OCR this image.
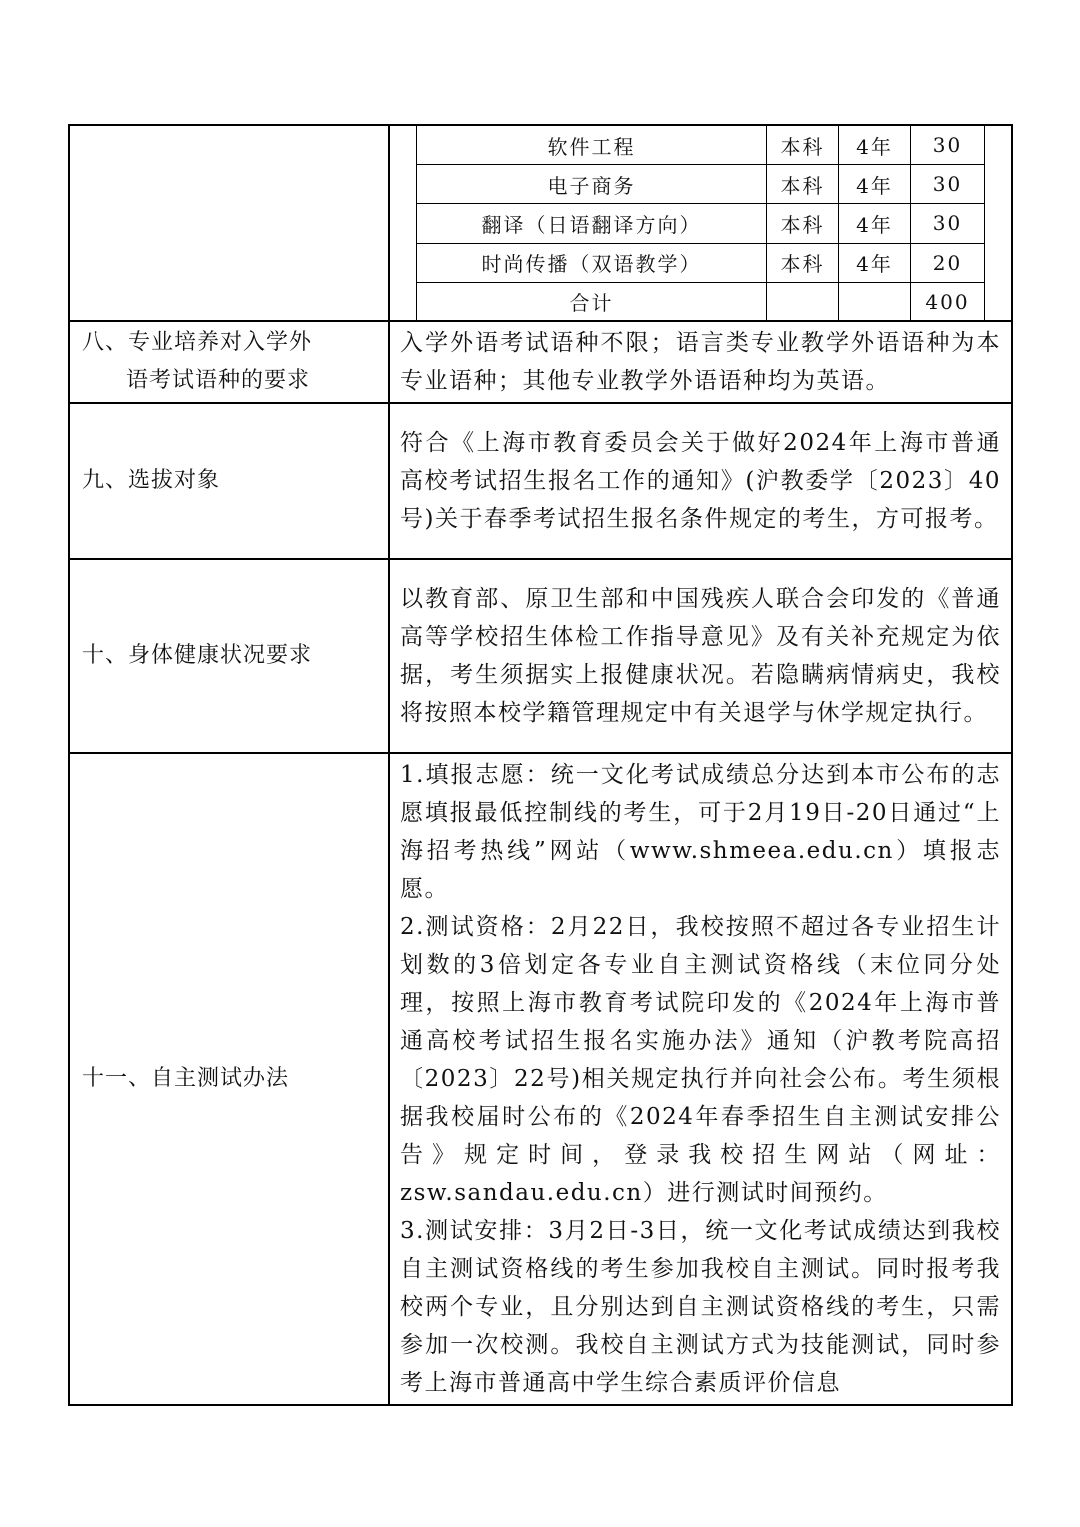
软件工程	本科	4年	30
电子商务	本科	4年	30
翻译（日语翻译方向）	本科	4年	30
时尚传播（双语教学）	本科	4年	20
合计			400

八、专业培养对入学外
语考试语种的要求

入学外语考试语种不限；语言类专业教学外语语种为本专业语种；其他专业教学外语语种均为英语。

九、选拔对象

符合《上海市教育委员会关于做好2024年上海市普通高校考试招生报名工作的通知》(沪教委学〔2023〕40号)关于春季考试招生报名条件规定的考生，方可报考。

十、身体健康状况要求

以教育部、原卫生部和中国残疾人联合会印发的《普通高等学校招生体检工作指导意见》及有关补充规定为依据，考生须据实上报健康状况。若隐瞒病情病史，我校将按照本校学籍管理规定中有关退学与休学规定执行。

十一、自主测试办法

1.填报志愿：统一文化考试成绩总分达到本市公布的志愿填报最低控制线的考生，可于2月19日-20日通过“上海招考热线”网站（www.shmeea.edu.cn）填报志愿。

2.测试资格：2月22日，我校按照不超过各专业招生计划数的3倍划定各专业自主测试资格线（末位同分处理，按照上海市教育考试院印发的《2024年上海市普通高校考试招生报名实施办法》通知（沪教考院高招〔2023〕22号)相关规定执行并向社会公布。考生须根据我校届时公布的《2024年春季招生自主测试安排公告》规定时间，登录我校招生网站（网址：zsw.sandau.edu.cn）进行测试时间预约。

3.测试安排：3月2日-3日，统一文化考试成绩达到我校自主测试资格线的考生参加我校自主测试。同时报考我校两个专业，且分别达到自主测试资格线的考生，只需参加一次校测。我校自主测试方式为技能测试，同时参考上海市普通高中学生综合素质评价信息
